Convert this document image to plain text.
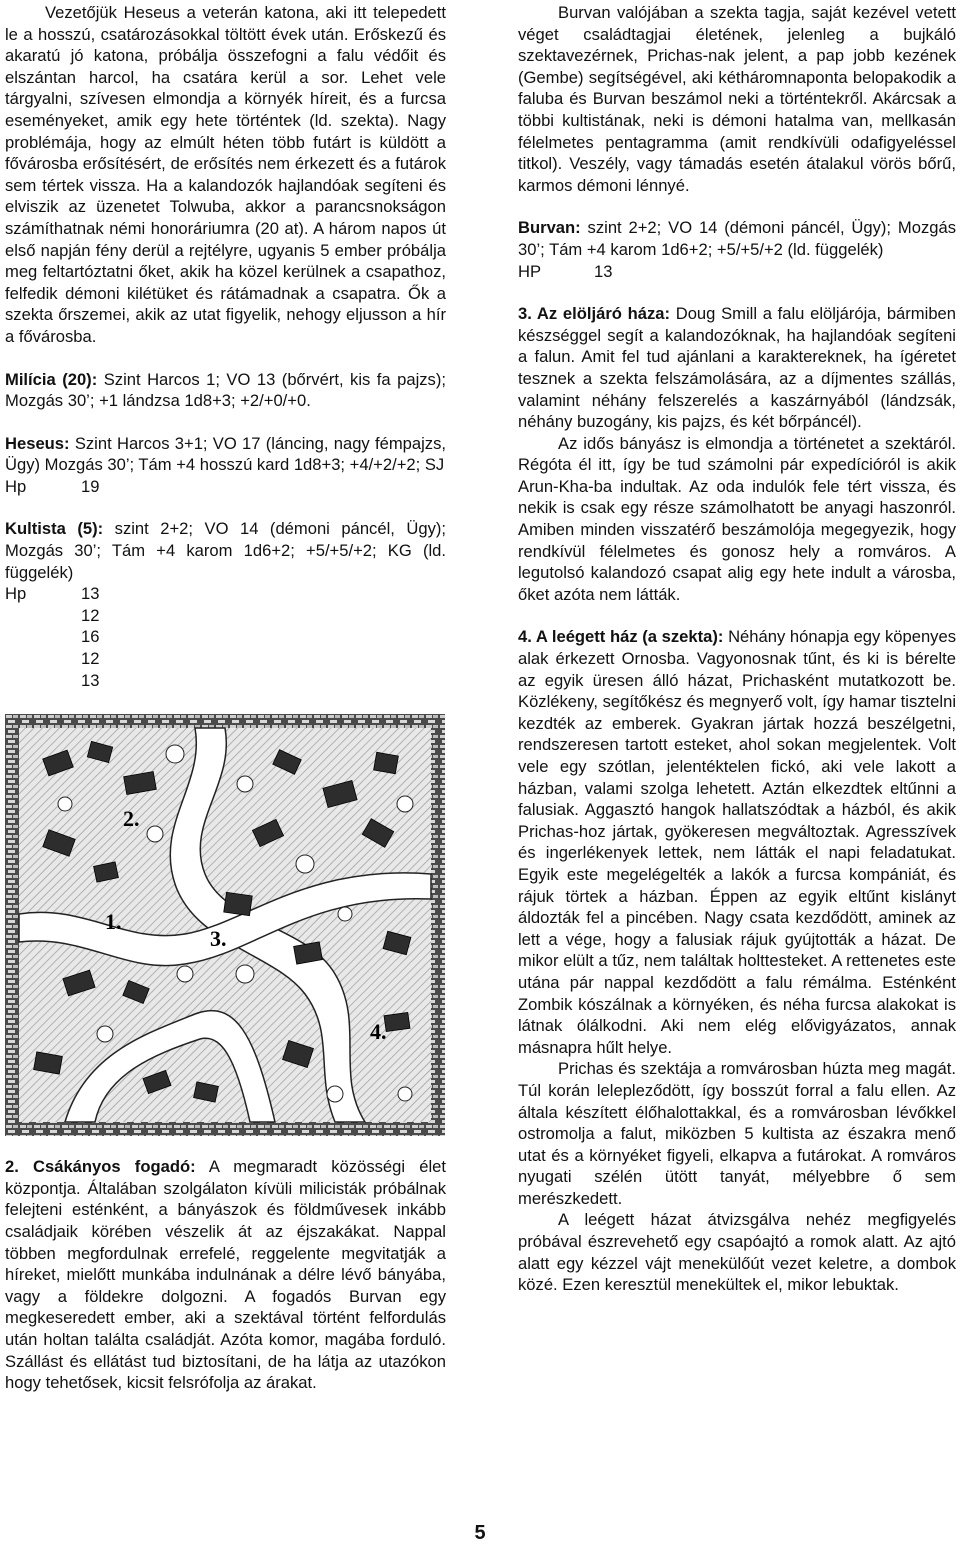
Vezetőjük Heseus a veterán katona, aki itt telepedett le a hosszú, csatározásokkal töltött évek után. Erőskezű és akaratú jó katona, próbálja összefogni a falu védőit és elszántan harcol, ha csatára kerül a sor. Lehet vele tárgyalni, szívesen elmondja a környék híreit, és a furcsa eseményeket, amik egy hete történtek (ld. szekta). Nagy problémája, hogy az elmúlt héten több futárt is küldött a fővárosba erősítésért, de erősítés nem érkezett és a futárok sem tértek vissza. Ha a kalandozók hajlandóak segíteni és elviszik az üzenetet Tolwuba, akkor a parancsnokságon számíthatnak némi honoráriumra (20 at). A három napos út első napján fény derül a rejtélyre, ugyanis 5 ember próbálja meg feltartóztatni őket, akik ha közel kerülnek a csapathoz, felfedik démoni kilétüket és rátámadnak a csapatra. Ők a szekta őrszemei, akik az utat figyelik, nehogy eljusson a hír a fővárosba.

Milícia (20): Szint Harcos 1; VO 13 (bőrvért, kis fa pajzs); Mozgás 30’; +1 lándzsa 1d8+3; +2/+0/+0.

Heseus: Szint Harcos 3+1; VO 17 (láncing, nagy fémpajzs, Ügy) Mozgás 30’; Tám +4 hosszú kard 1d8+3; +4/+2/+2; SJ

Hp	19

Kultista (5): szint 2+2; VO 14 (démoni páncél, Ügy); Mozgás 30’; Tám +4 karom 1d6+2; +5/+5/+2; KG (ld. függelék)

Hp	13
12
16
12
13
1.
2.
3.
4.

2. Csákányos fogadó: A megmaradt közösségi élet központja. Általában szolgálaton kívüli milicisták próbálnak felejteni esténként, a bányászok és földművesek inkább családjaik körében vészelik át az éjszakákat. Nappal többen megfordulnak errefelé, reggelente megvitatják a híreket, mielőtt munkába indulnának a délre lévő bányába, vagy a földekre dolgozni. A fogadós Burvan egy megkeseredett ember, aki a szektával történt felfordulás után holtan találta családját. Azóta komor, magába forduló. Szállást és ellátást tud biztosítani, de ha látja az utazókon hogy tehetősek, kicsit felsrófolja az árakat.

Burvan valójában a szekta tagja, saját kezével vetett véget családtagjai életének, jelenleg a bujkáló szektavezérnek, Prichas-nak jelent, a pap jobb kezének (Gembe) segítségével, aki kétháromnaponta belopakodik a faluba és Burvan beszámol neki a történtekről. Akárcsak a többi kultistának, neki is démoni hatalma van, mellkasán félelmetes pentagramma (amit rendkívüli odafigyeléssel titkol). Veszély, vagy támadás esetén átalakul vörös bőrű, karmos démoni lénnyé.

Burvan: szint 2+2; VO 14 (démoni páncél, Ügy); Mozgás 30’; Tám +4 karom 1d6+2; +5/+5/+2 (ld. függelék)

HP	13

3. Az elöljáró háza: Doug Smill a falu elöljárója, bármiben készséggel segít a kalandozóknak, ha hajlandóak segíteni a falun. Amit fel tud ajánlani a karaktereknek, ha ígéretet tesznek a szekta felszámolására, az a díjmentes szállás, valamint néhány felszerelés a kaszárnyából (lándzsák, néhány buzogány, kis pajzs, és két bőrpáncél).

Az idős bányász is elmondja a történetet a szektáról. Régóta él itt, így be tud számolni pár expedícióról is akik Arun-Kha-ba indultak. Az oda indulók fele tért vissza, és nekik is csak egy része számolhatott be anyagi haszonról. Amiben minden visszatérő beszámolója megegyezik, hogy rendkívül félelmetes és gonosz hely a romváros. A legutolsó kalandozó csapat alig egy hete indult a városba, őket azóta nem látták.

4. A leégett ház (a szekta): Néhány hónapja egy köpenyes alak érkezett Ornosba. Vagyonosnak tűnt, és ki is bérelte az egyik üresen álló házat, Prichasként mutatkozott be. Közlékeny, segítőkész és megnyerő volt, így hamar tisztelni kezdték az emberek. Gyakran jártak hozzá beszélgetni, rendszeresen tartott esteket, ahol sokan megjelentek. Volt vele egy szótlan, jelentéktelen fickó, aki vele lakott a házban, valami szolga lehetett. Aztán elkezdtek eltűnni a falusiak. Aggasztó hangok hallatszódtak a házból, és akik Prichas-hoz jártak, gyökeresen megváltoztak. Agresszívek és ingerlékenyek lettek, nem látták el napi feladatukat. Egyik este megelégelték a lakók a furcsa kompániát, és rájuk törtek a házban. Éppen az egyik eltűnt kislányt áldozták fel a pincében. Nagy csata kezdődött, aminek az lett a vége, hogy a falusiak rájuk gyújtották a házat. De mikor elült a tűz, nem találtak holttesteket. A rettenetes este utána pár nappal kezdődött a falu rémálma. Esténként Zombik kószálnak a környéken, és néha furcsa alakokat is látnak ólálkodni. Aki nem elég elővigyázatos, annak másnapra hűlt helye.

Prichas és szektája a romvárosban húzta meg magát. Túl korán lelepleződött, így bosszút forral a falu ellen. Az általa készített élőhalottakkal, és a romvárosban lévőkkel ostromolja a falut, miközben 5 kultista az északra menő utat és a környéket figyeli, elkapva a futárokat. A romváros nyugati szélén ütött tanyát, mélyebbre ő sem merészkedett.

A leégett házat átvizsgálva nehéz megfigyelés próbával észrevehető egy csapóajtó a romok alatt. Az ajtó alatt egy kézzel vájt menekülőút vezet keletre, a dombok közé. Ezen keresztül menekültek el, mikor lebuktak.

5
